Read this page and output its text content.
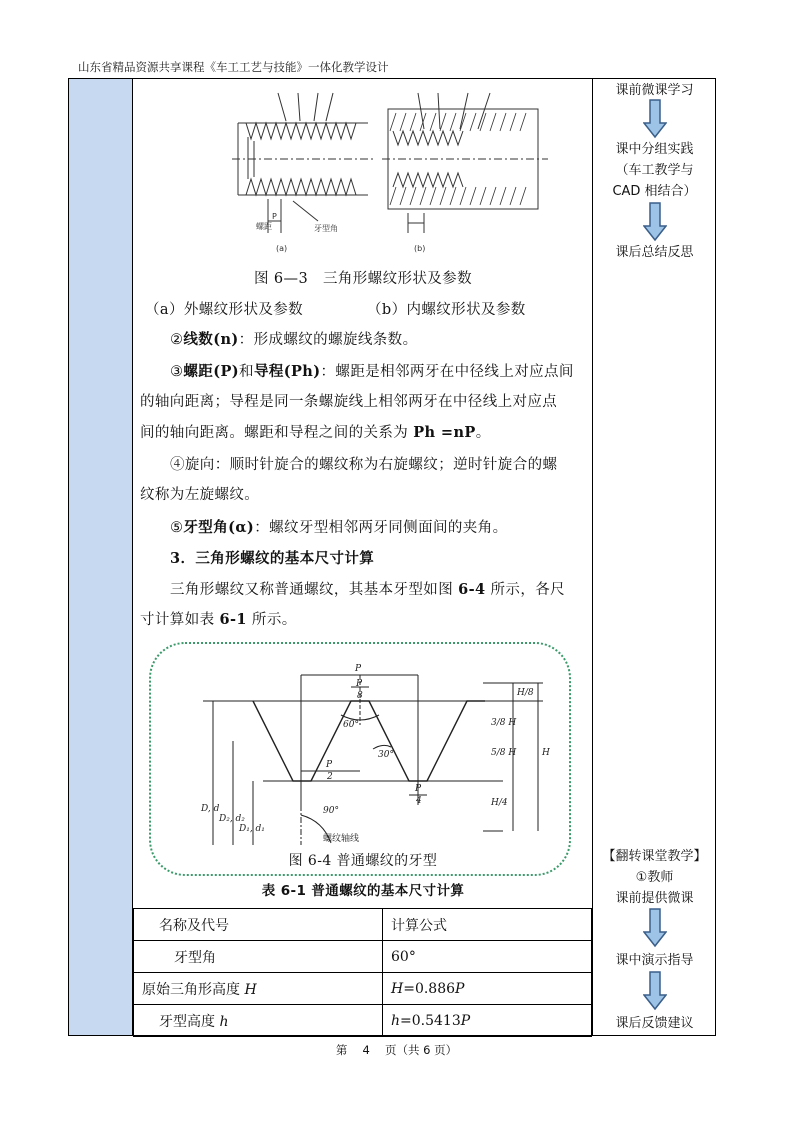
山东省精品资源共享课程《车工工艺与技能》一体化教学设计
课前微课学习
课中分组实践
（车工教学与
CAD 相结合）
课后总结反思
【翻转课堂教学】
①教师
课前提供微课
课中演示指导
课后反馈建议
螺距
P
牙型角
(a)	(b)
图 6—3　三角形螺纹形状及参数
（a）外螺纹形状及参数	（b）内螺纹形状及参数
②线数(n)：形成螺纹的螺旋线条数。
③螺距(P)和导程(Ph)：螺距是相邻两牙在中径线上对应点间
的轴向距离；导程是同一条螺旋线上相邻两牙在中径线上对应点
间的轴向距离。螺距和导程之间的关系为 Ph =nP。
④旋向：顺时针旋合的螺纹称为右旋螺纹；逆时针旋合的螺
纹称为左旋螺纹。
⑤牙型角(α)：螺纹牙型相邻两牙同侧面间的夹角。
3．三角形螺纹的基本尺寸计算
三角形螺纹又称普通螺纹，其基本牙型如图 6-4 所示，各尺
寸计算如表 6-1 所示。
P
P
8
P
2
P
4
H/8
3/8 H
5/8 H
H/4
H
60°
30°
90°
D, d
D₂, d₂
D₁, d₁
螺纹轴线
图 6-4 普通螺纹的牙型
表 6-1 普通螺纹的基本尺寸计算
名称及代号	计算公式
牙型角	60°
原始三角形高度 H	H=0.886P
牙型高度 h	h=0.5413P
第　 4 　页（共 6 页）
